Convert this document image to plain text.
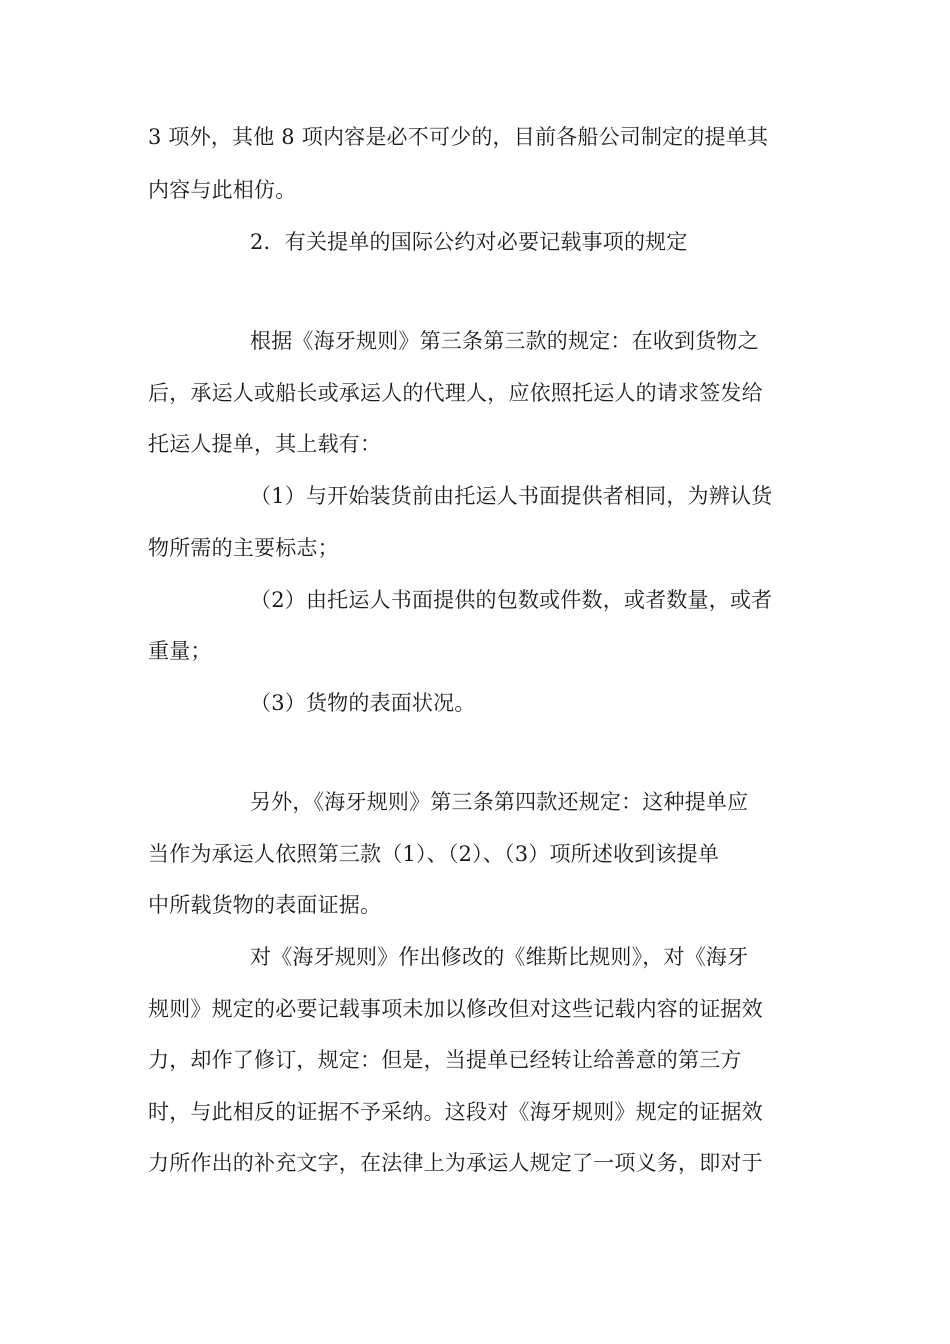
3 项外，其他 8 项内容是必不可少的，目前各船公司制定的提单其
内容与此相仿。
2．有关提单的国际公约对必要记载事项的规定
根据《海牙规则》第三条第三款的规定：在收到货物之
后，承运人或船长或承运人的代理人，应依照托运人的请求签发给
托运人提单，其上载有：
（1）与开始装货前由托运人书面提供者相同，为辨认货
物所需的主要标志；
（2）由托运人书面提供的包数或件数，或者数量，或者
重量；
（3）货物的表面状况。
另外，《海牙规则》第三条第四款还规定：这种提单应
当作为承运人依照第三款（1）、（2）、（3）项所述收到该提单
中所载货物的表面证据。
对《海牙规则》作出修改的《维斯比规则》，对《海牙
规则》规定的必要记载事项未加以修改但对这些记载内容的证据效
力，却作了修订，规定：但是，当提单已经转让给善意的第三方
时，与此相反的证据不予采纳。这段对《海牙规则》规定的证据效
力所作出的补充文字，在法律上为承运人规定了一项义务，即对于
